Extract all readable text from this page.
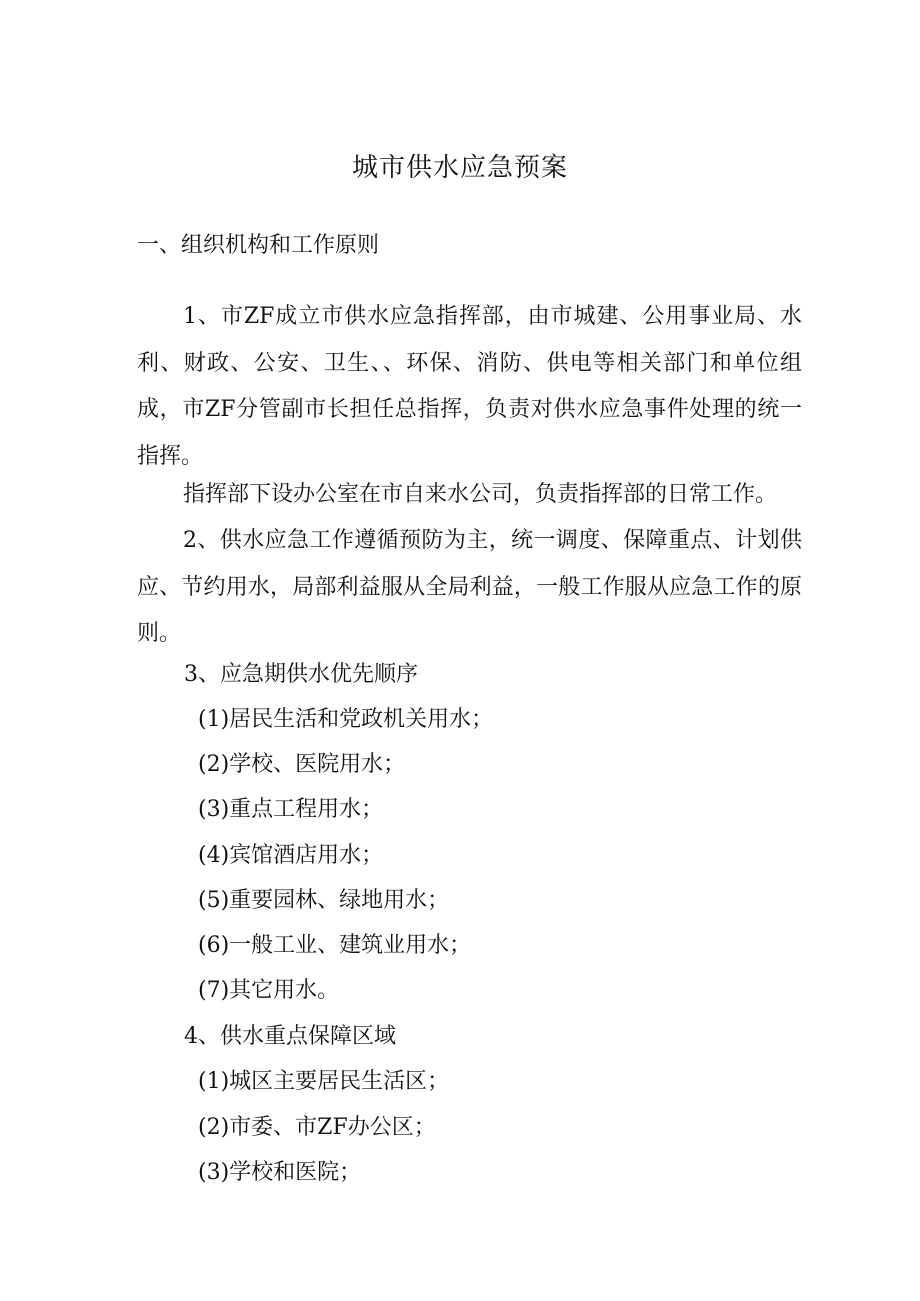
城市供水应急预案
一、组织机构和工作原则

1、市ZF成立市供水应急指挥部，由市城建、公用事业局、水利、财政、公安、卫生、、环保、消防、供电等相关部门和单位组成，市ZF分管副市长担任总指挥，负责对供水应急事件处理的统一指挥。

指挥部下设办公室在市自来水公司，负责指挥部的日常工作。

2、供水应急工作遵循预防为主，统一调度、保障重点、计划供应、节约用水，局部利益服从全局利益，一般工作服从应急工作的原则。

3、应急期供水优先顺序

(1)居民生活和党政机关用水；

(2)学校、医院用水；

(3)重点工程用水；

(4)宾馆酒店用水；

(5)重要园林、绿地用水；

(6)一般工业、建筑业用水；

(7)其它用水。

4、供水重点保障区域

(1)城区主要居民生活区；

(2)市委、市ZF办公区；

(3)学校和医院；
